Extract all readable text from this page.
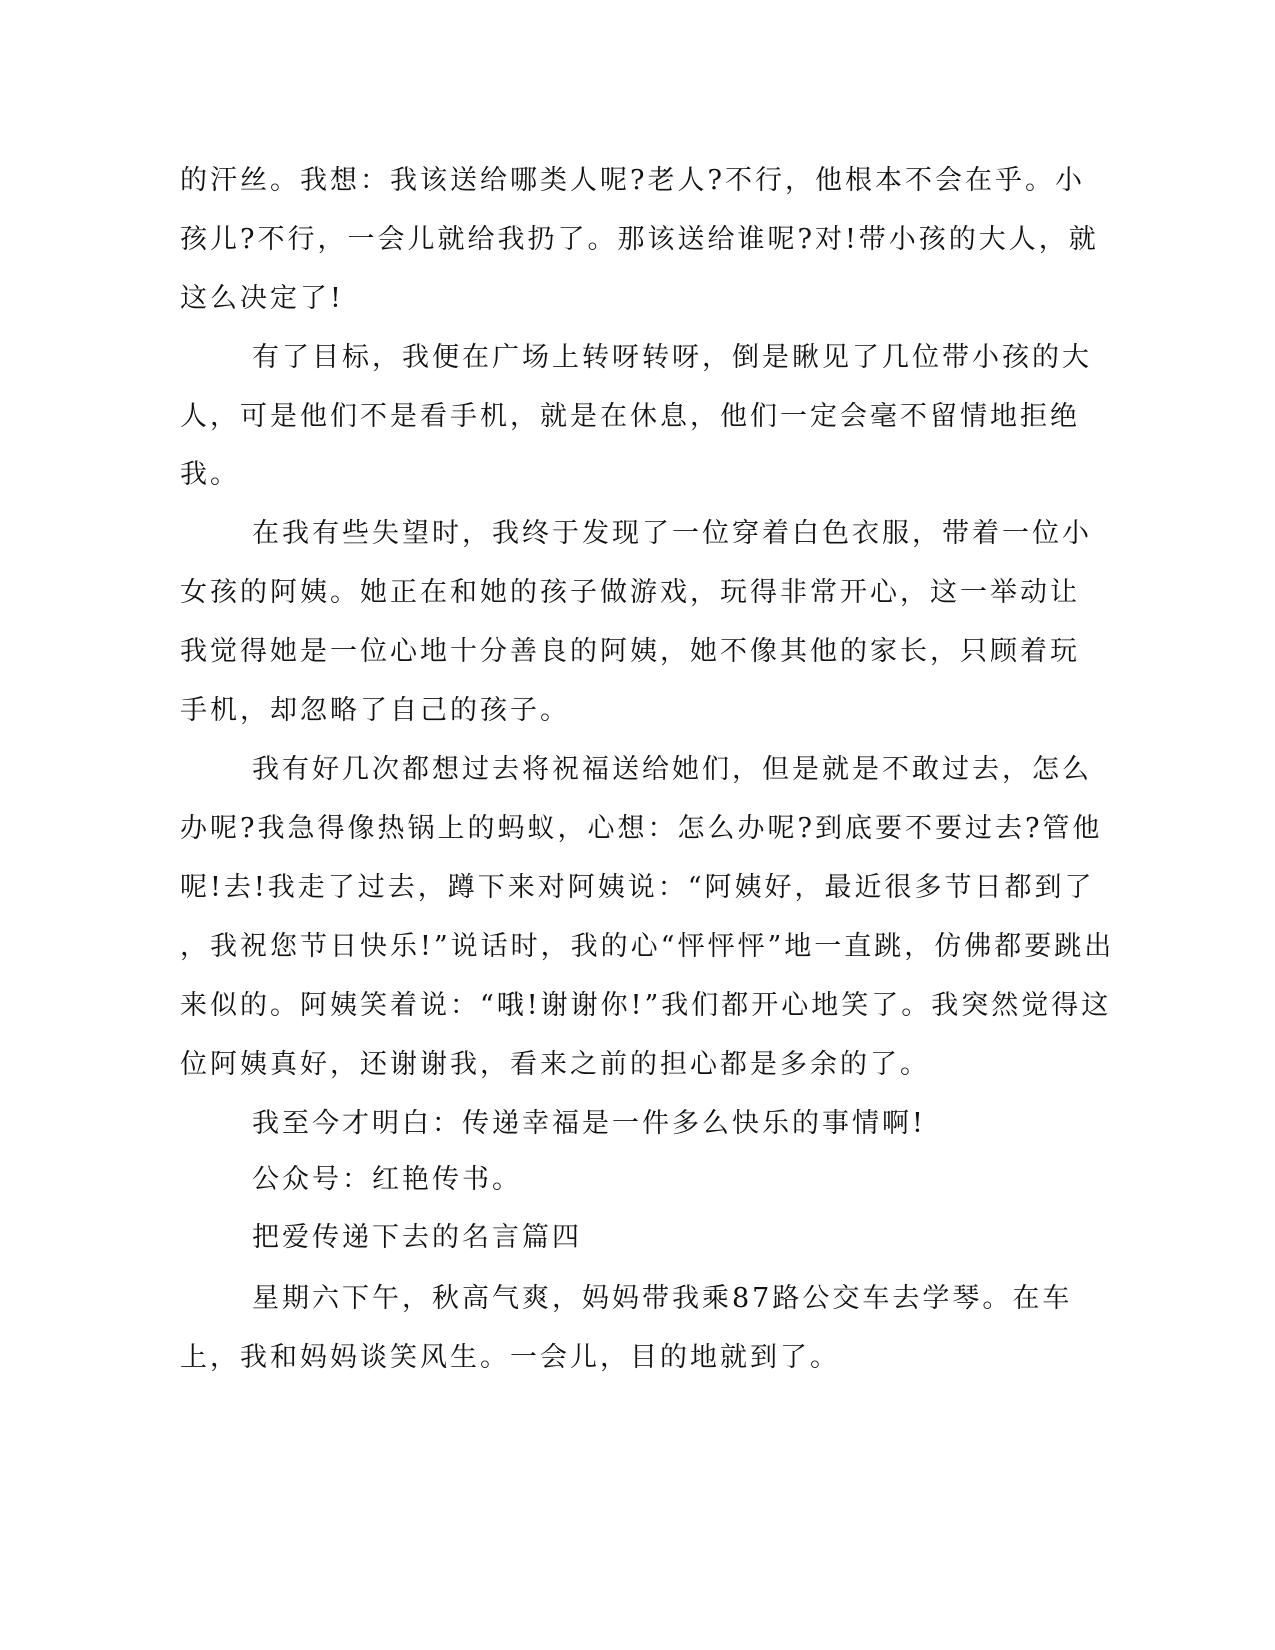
的汗丝。我想：我该送给哪类人呢?老人?不行，他根本不会在乎。小

孩儿?不行，一会儿就给我扔了。那该送给谁呢?对!带小孩的大人，就

这么决定了!

有了目标，我便在广场上转呀转呀，倒是瞅见了几位带小孩的大

人，可是他们不是看手机，就是在休息，他们一定会毫不留情地拒绝

我。

在我有些失望时，我终于发现了一位穿着白色衣服，带着一位小

女孩的阿姨。她正在和她的孩子做游戏，玩得非常开心，这一举动让

我觉得她是一位心地十分善良的阿姨，她不像其他的家长，只顾着玩

手机，却忽略了自己的孩子。

我有好几次都想过去将祝福送给她们，但是就是不敢过去，怎么

办呢?我急得像热锅上的蚂蚁，心想：怎么办呢?到底要不要过去?管他

呢!去!我走了过去，蹲下来对阿姨说：“阿姨好，最近很多节日都到了

，我祝您节日快乐!”说话时，我的心“怦怦怦”地一直跳，仿佛都要跳出

来似的。阿姨笑着说：“哦!谢谢你!”我们都开心地笑了。我突然觉得这

位阿姨真好，还谢谢我，看来之前的担心都是多余的了。

我至今才明白：传递幸福是一件多么快乐的事情啊!

公众号：红艳传书。

把爱传递下去的名言篇四

星期六下午，秋高气爽，妈妈带我乘87路公交车去学琴。在车

上，我和妈妈谈笑风生。一会儿，目的地就到了。
